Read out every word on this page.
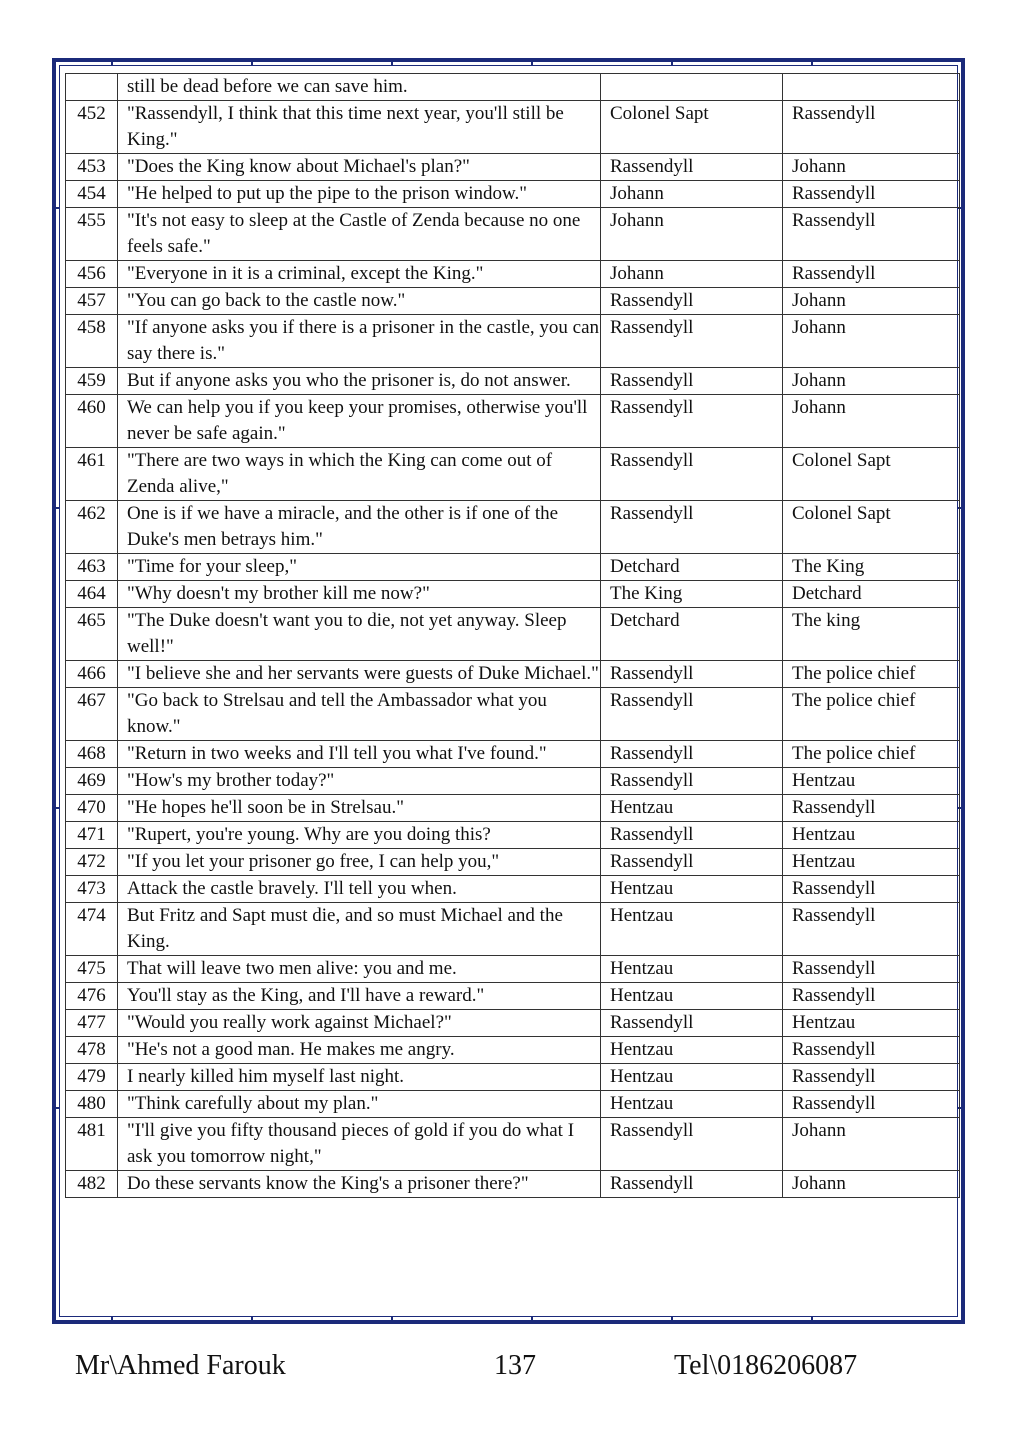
	still be dead before we can save him.		
452	"Rassendyll, I think that this time next year, you'll still be King."	Colonel Sapt	Rassendyll
453	"Does the King know about Michael's plan?"	Rassendyll	Johann
454	"He helped to put up the pipe to the prison window."	Johann	Rassendyll
455	"It's not easy to sleep at the Castle of Zenda because no one feels safe."	Johann	Rassendyll
456	"Everyone in it is a criminal, except the King."	Johann	Rassendyll
457	"You can go back to the castle now."	Rassendyll	Johann
458	"If anyone asks you if there is a prisoner in the castle, you can say there is."	Rassendyll	Johann
459	But if anyone asks you who the prisoner is, do not answer.	Rassendyll	Johann
460	We can help you if you keep your promises, otherwise you'll never be safe again."	Rassendyll	Johann
461	"There are two ways in which the King can come out of Zenda alive,"	Rassendyll	Colonel Sapt
462	One is if we have a miracle, and the other is if one of the Duke's men betrays him."	Rassendyll	Colonel Sapt
463	"Time for your sleep,"	Detchard	The King
464	"Why doesn't my brother kill me now?"	The King	Detchard
465	"The Duke doesn't want you to die, not yet anyway. Sleep well!"	Detchard	The king
466	"I believe she and her servants were guests of Duke Michael."	Rassendyll	The police chief
467	"Go back to Strelsau and tell the Ambassador what you know."	Rassendyll	The police chief
468	"Return in two weeks and I'll tell you what I've found."	Rassendyll	The police chief
469	"How's my brother today?"	Rassendyll	Hentzau
470	"He hopes he'll soon be in Strelsau."	Hentzau	Rassendyll
471	"Rupert, you're young. Why are you doing this?	Rassendyll	Hentzau
472	"If you let your prisoner go free, I can help you,"	Rassendyll	Hentzau
473	Attack the castle bravely. I'll tell you when.	Hentzau	Rassendyll
474	But Fritz and Sapt must die, and so must Michael and the King.	Hentzau	Rassendyll
475	That will leave two men alive: you and me.	Hentzau	Rassendyll
476	You'll stay as the King, and I'll have a reward."	Hentzau	Rassendyll
477	"Would you really work against Michael?"	Rassendyll	Hentzau
478	"He's not a good man. He makes me angry.	Hentzau	Rassendyll
479	I nearly killed him myself last night.	Hentzau	Rassendyll
480	"Think carefully about my plan."	Hentzau	Rassendyll
481	"I'll give you fifty thousand pieces of gold if you do what I ask you tomorrow night,"	Rassendyll	Johann
482	Do these servants know the King's a prisoner there?"	Rassendyll	Johann
Mr\Ahmed Farouk	137	Tel\0186206087
